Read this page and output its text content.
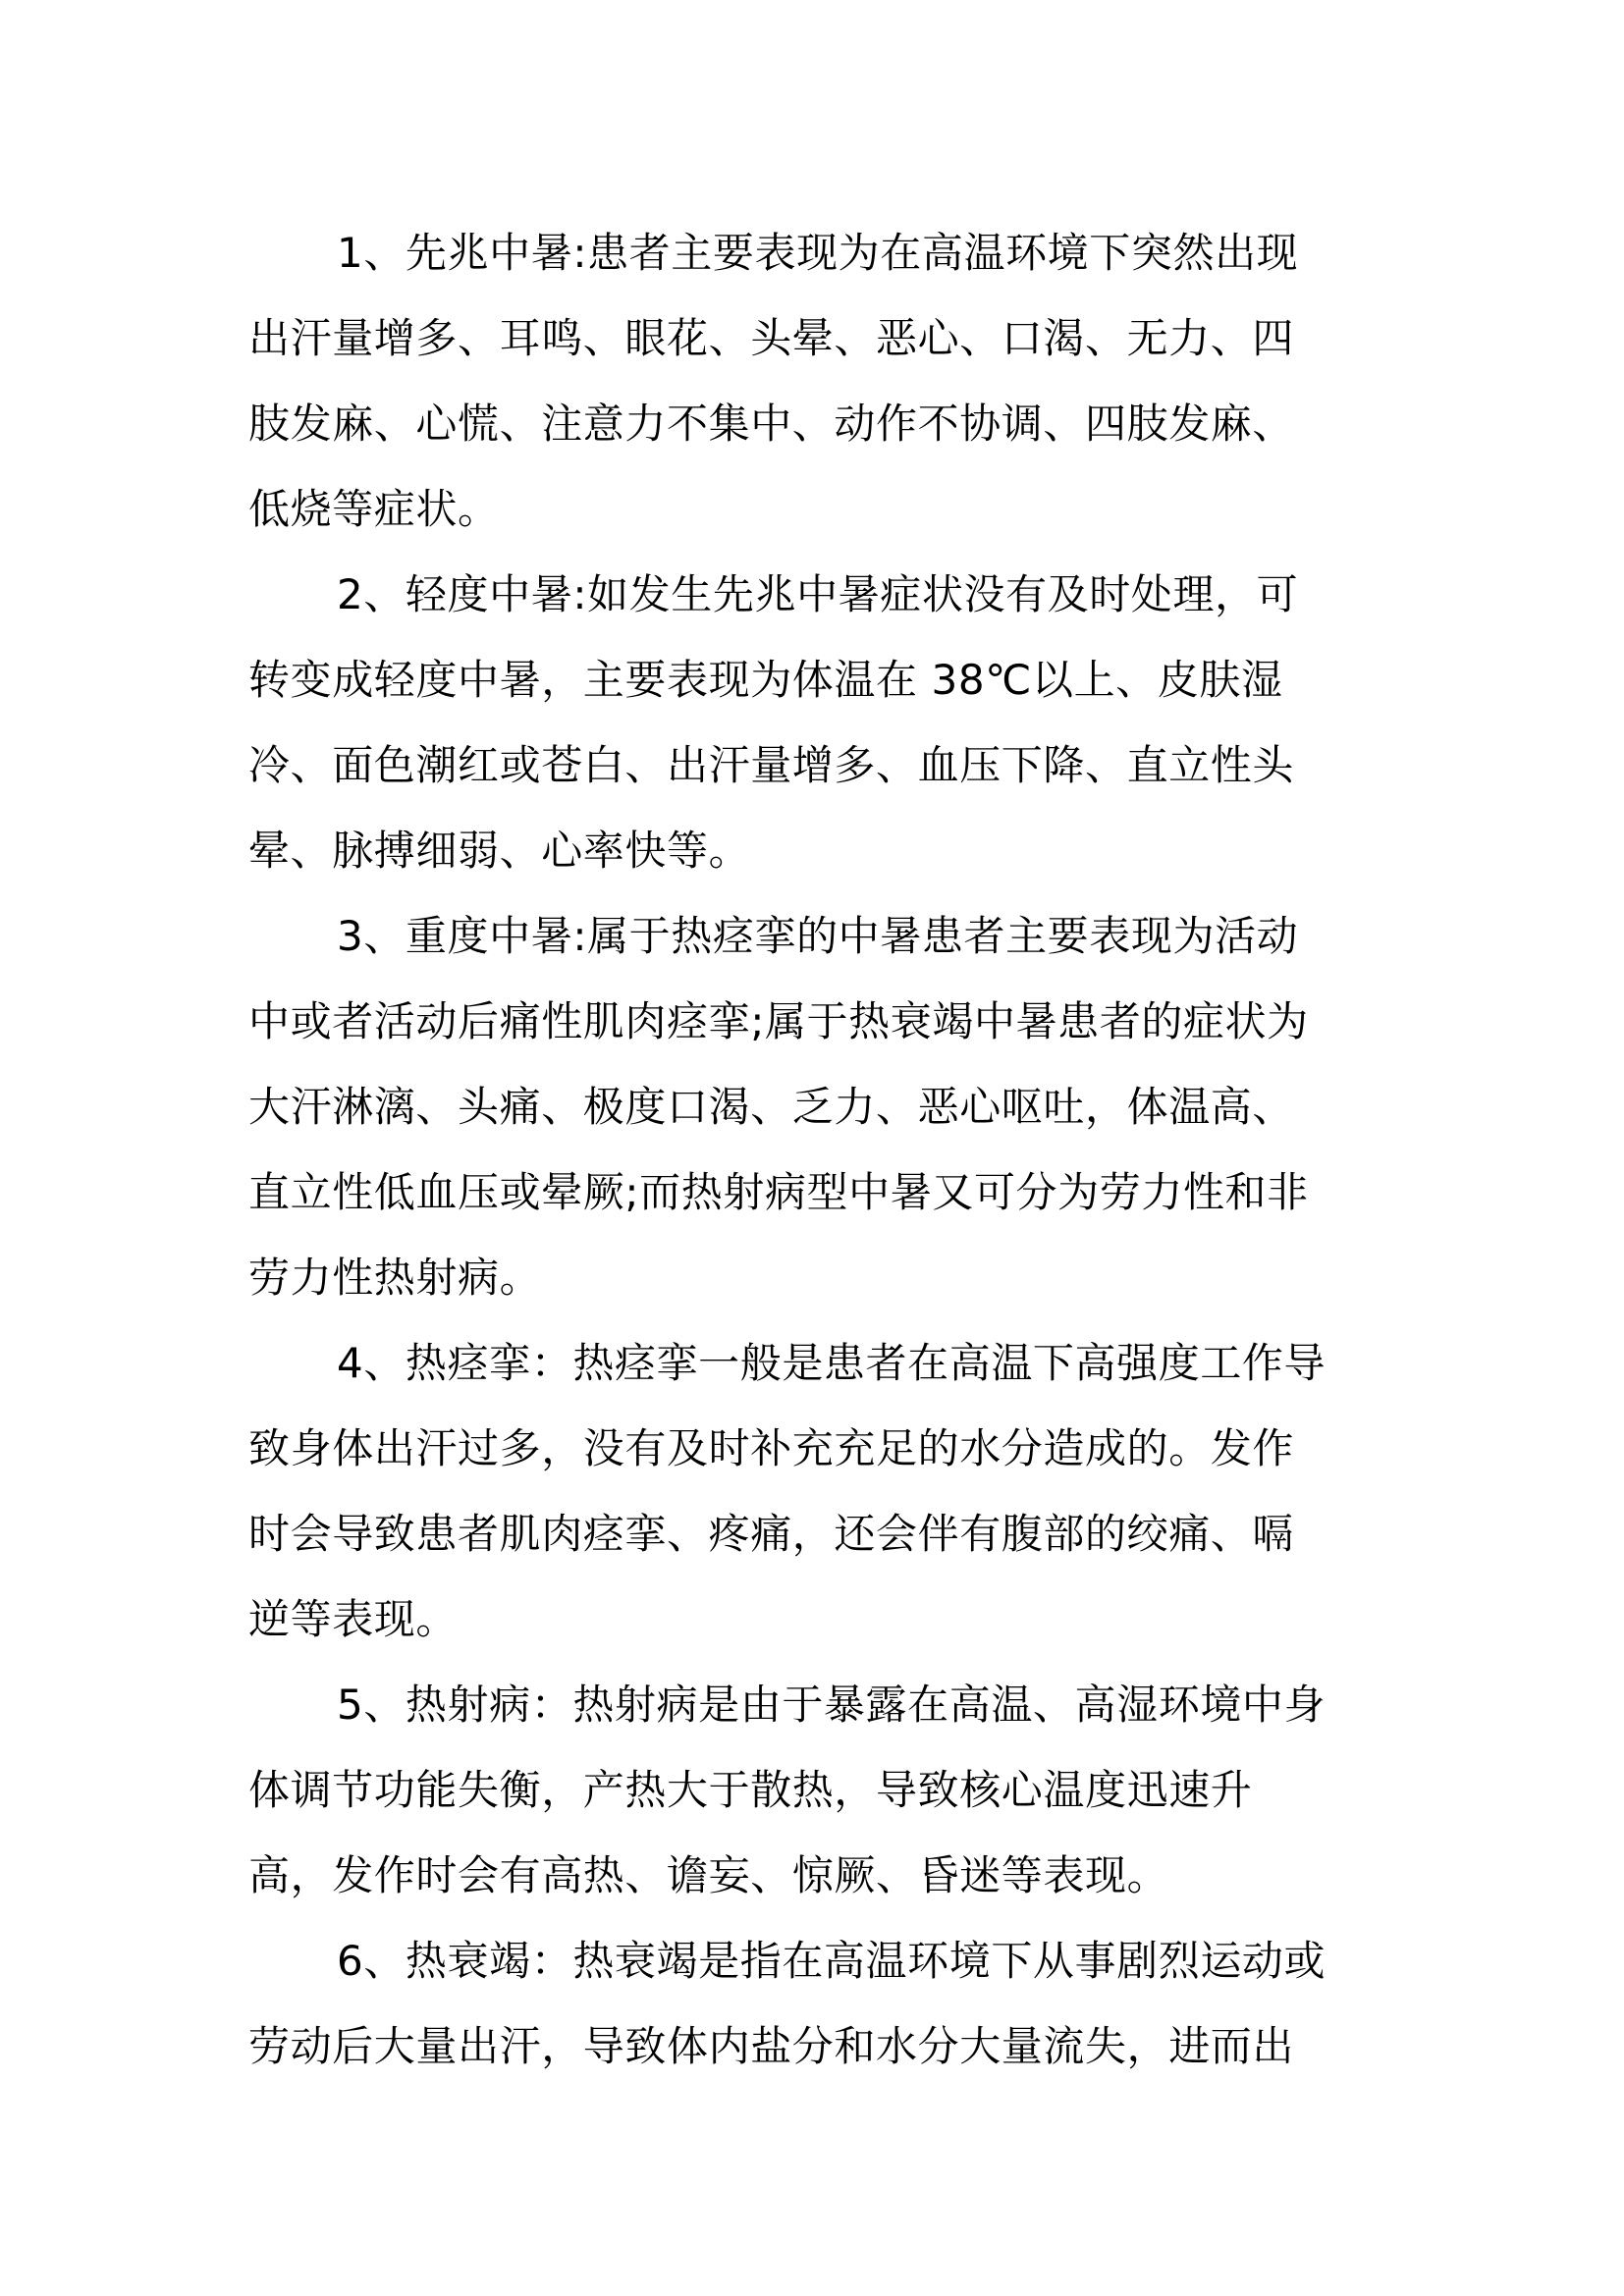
1、先兆中暑:患者主要表现为在高温环境下突然出现
出汗量增多、耳鸣、眼花、头晕、恶心、口渴、无力、四
肢发麻、心慌、注意力不集中、动作不协调、四肢发麻、
低烧等症状。
2、轻度中暑:如发生先兆中暑症状没有及时处理，可
转变成轻度中暑，主要表现为体温在 38℃以上、皮肤湿
冷、面色潮红或苍白、出汗量增多、血压下降、直立性头
晕、脉搏细弱、心率快等。
3、重度中暑:属于热痉挛的中暑患者主要表现为活动
中或者活动后痛性肌肉痉挛;属于热衰竭中暑患者的症状为
大汗淋漓、头痛、极度口渴、乏力、恶心呕吐，体温高、
直立性低血压或晕厥;而热射病型中暑又可分为劳力性和非
劳力性热射病。
4、热痉挛：热痉挛一般是患者在高温下高强度工作导
致身体出汗过多，没有及时补充充足的水分造成的。发作
时会导致患者肌肉痉挛、疼痛，还会伴有腹部的绞痛、嗝
逆等表现。
5、热射病：热射病是由于暴露在高温、高湿环境中身
体调节功能失衡，产热大于散热，导致核心温度迅速升
高，发作时会有高热、谵妄、惊厥、昏迷等表现。
6、热衰竭：热衰竭是指在高温环境下从事剧烈运动或
劳动后大量出汗，导致体内盐分和水分大量流失，进而出
